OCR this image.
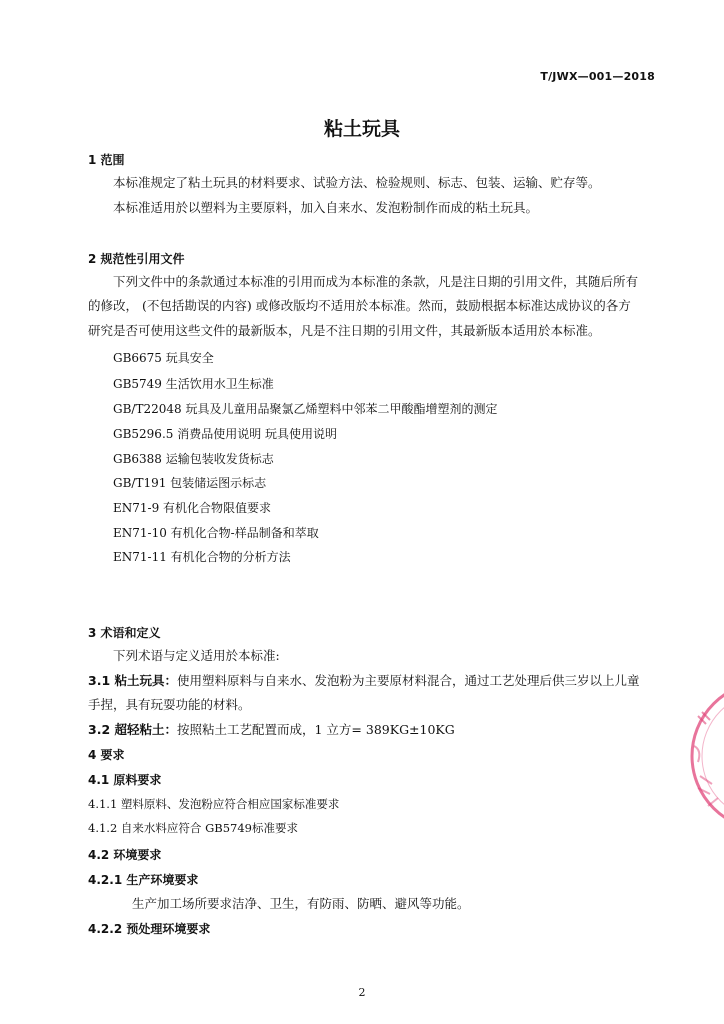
T/JWX—001—2018
粘土玩具
1 范围
本标准规定了粘土玩具的材料要求、试验方法、检验规则、标志、包装、运输、贮存等。
本标准适用於以塑料为主要原料，加入自来水、发泡粉制作而成的粘土玩具。
2 规范性引用文件
下列文件中的条款通过本标准的引用而成为本标准的条款，凡是注日期的引用文件，其随后所有
的修改， (不包括勘误的内容) 或修改版均不适用於本标准。然而，鼓励根据本标准达成协议的各方
研究是否可使用这些文件的最新版本，凡是不注日期的引用文件，其最新版本适用於本标准。
GB6675 玩具安全
GB5749 生活饮用水卫生标准
GB/T22048 玩具及儿童用品聚氯乙烯塑料中邻苯二甲酸酯增塑剂的测定
GB5296.5 消费品使用说明 玩具使用说明
GB6388 运输包装收发货标志
GB/T191 包装储运图示标志
EN71-9 有机化合物限值要求
EN71-10 有机化合物-样品制备和萃取
EN71-11 有机化合物的分析方法
3 术语和定义
下列术语与定义适用於本标准:
3.1 粘土玩具：使用塑料原料与自来水、发泡粉为主要原材料混合，通过工艺处理后供三岁以上儿童
手捏，具有玩耍功能的材料。
3.2 超轻粘土：按照粘土工艺配置而成，1 立方= 389KG±10KG
4 要求
4.1 原料要求
4.1.1 塑料原料、发泡粉应符合相应国家标准要求
4.1.2 自来水料应符合 GB5749标准要求
4.2 环境要求
4.2.1 生产环境要求
生产加工场所要求洁净、卫生，有防雨、防晒、避风等功能。
4.2.2 预处理环境要求
2
